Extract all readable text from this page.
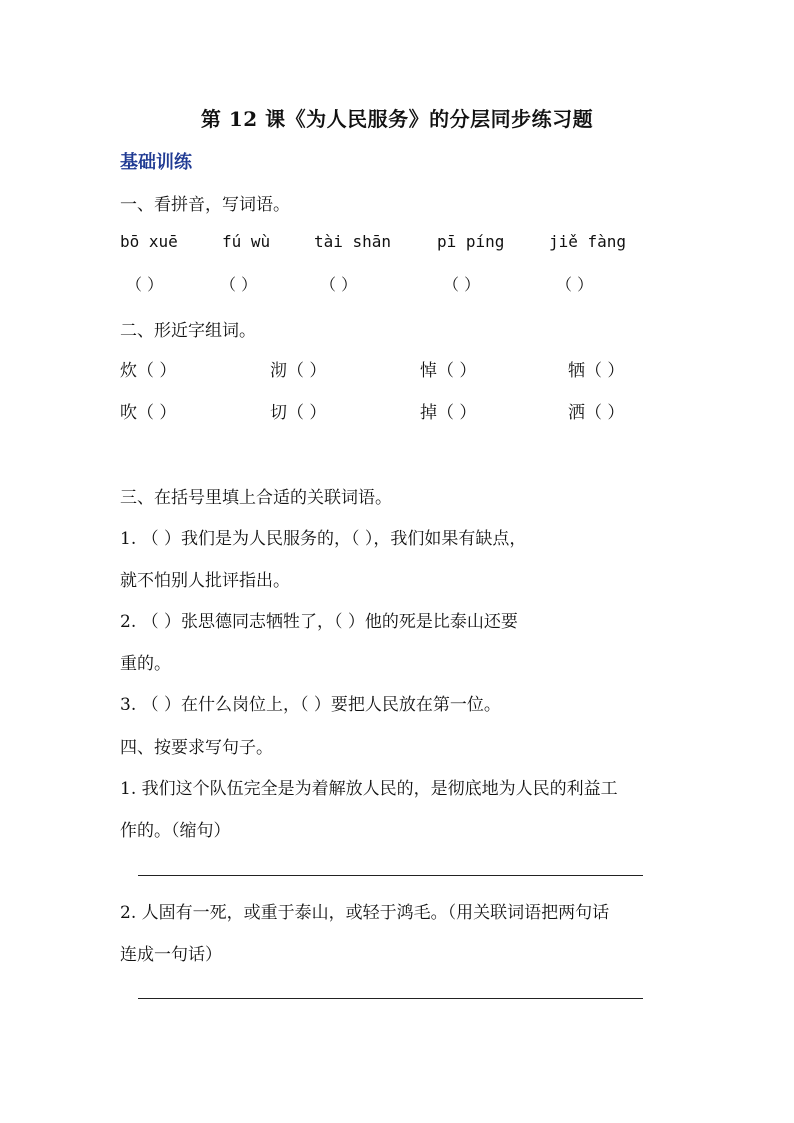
第 12 课《为人民服务》的分层同步练习题
基础训练
一、看拼音，写词语。
bō xuē	fú wù	tài shān	pī píng	jiě fàng
（ ）	（ ）	（ ）	（ ）	（ ）
二、形近字组词。
炊（ ）	沏（ ）	悼（ ）	牺（ ）
吹（ ）	切（ ）	掉（ ）	洒（ ）
三、在括号里填上合适的关联词语。
1. （ ）我们是为人民服务的，（ ），我们如果有缺点，
就不怕别人批评指出。
2. （ ）张思德同志牺牲了，（ ）他的死是比泰山还要
重的。
3. （ ）在什么岗位上，（ ）要把人民放在第一位。
四、按要求写句子。
1. 我们这个队伍完全是为着解放人民的，是彻底地为人民的利益工
作的。（缩句）
2. 人固有一死，或重于泰山，或轻于鸿毛。（用关联词语把两句话
连成一句话）
